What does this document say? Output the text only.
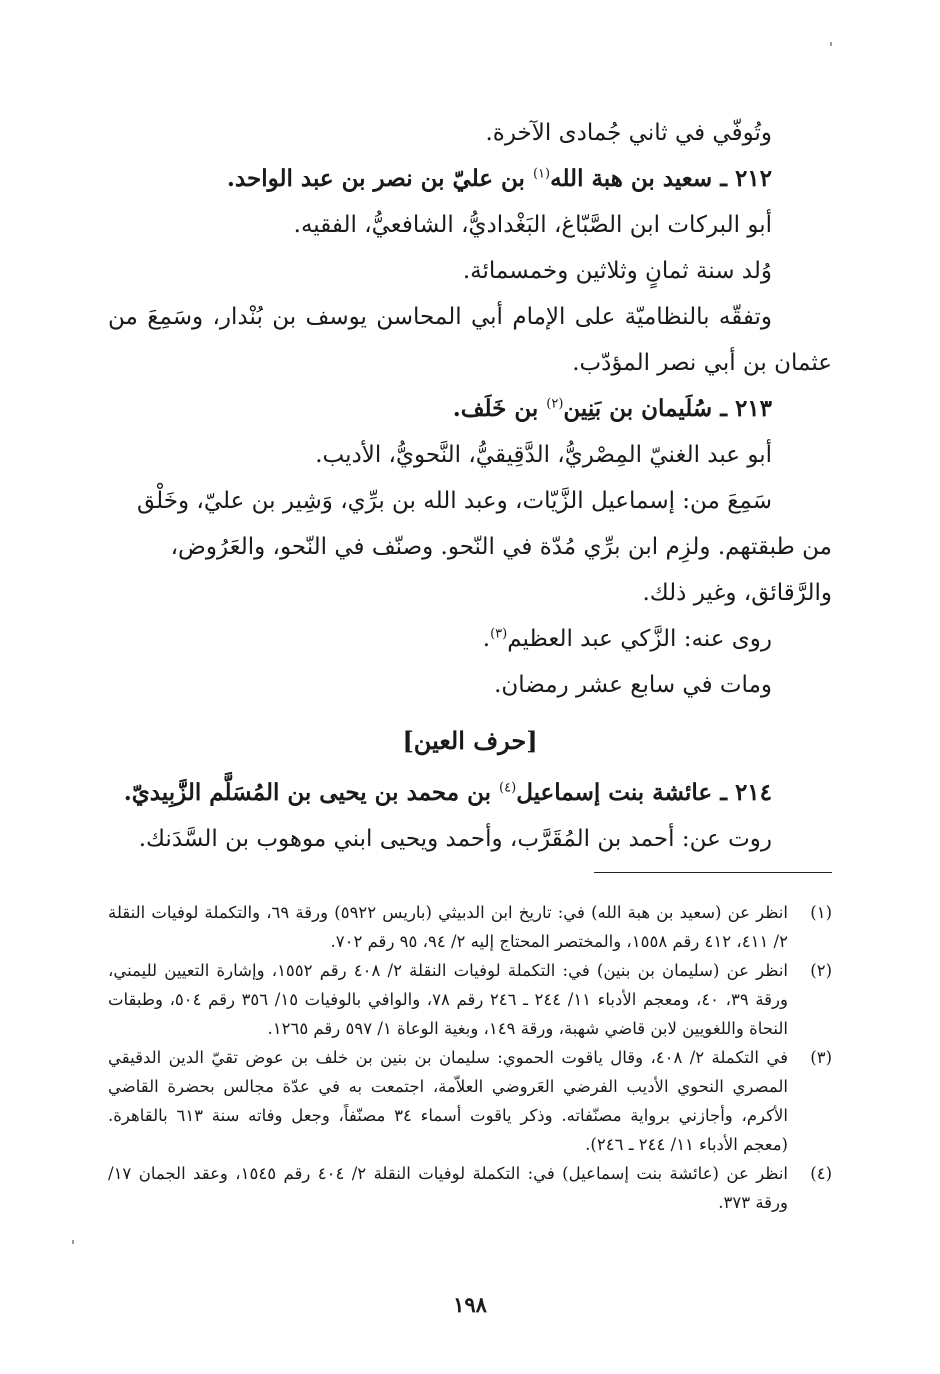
وتُوفّي في ثاني جُمادى الآخرة.

٢١٢ ـ سعيد بن هبة الله$^{(١)}$ بن عليّ بن نصر بن عبد الواحد.

أبو البركات ابن الصَّبّاغ، البَغْداديُّ، الشافعيُّ، الفقيه.

وُلد سنة ثمانٍ وثلاثين وخمسمائة.

وتفقّه بالنظاميّة على الإمام أبي المحاسن يوسف بن بُنْدار، وسَمِعَ من

عثمان بن أبي نصر المؤدّب.

٢١٣ ـ سُلَيمان بن بَنِين$^{(٢)}$ بن خَلَف.

أبو عبد الغنيّ المِصْريُّ، الدَّقِيقيُّ، النَّحويُّ، الأديب.

سَمِعَ من: إسماعيل الزَّيّات، وعبد الله بن برِّي، وَشِير بن عليّ، وخَلْق

من طبقتهم. ولزِم ابن برِّي مُدّة في النّحو. وصنّف في النّحو، والعَرُوض،

والرَّقائق، وغير ذلك.

روى عنه: الزَّكي عبد العظيم$^{(٣)}$.

ومات في سابع عشر رمضان.

[حرف العين]

٢١٤ ـ عائشة بنت إسماعيل$^{(٤)}$ بن محمد بن يحيى بن المُسَلَّم الزَّبِيديّ.

روت عن: أحمد بن المُقَرَّب، وأحمد ويحيى ابني موهوب بن السَّدَنك.

(١)
انظر عن (سعيد بن هبة الله) في: تاريخ ابن الدبيثي (باريس ٥٩٢٢) ورقة ٦٩، والتكملة لوفيات النقلة ٢/ ٤١١، ٤١٢ رقم ١٥٥٨، والمختصر المحتاج إليه ٢/ ٩٤، ٩٥ رقم ٧٠٢.
(٢)
انظر عن (سليمان بن بنين) في: التكملة لوفيات النقلة ٢/ ٤٠٨ رقم ١٥٥٢، وإشارة التعيين لليمني، ورقة ٣٩، ٤٠، ومعجم الأدباء ١١/ ٢٤٤ ـ ٢٤٦ رقم ٧٨، والوافي بالوفيات ١٥/ ٣٥٦ رقم ٥٠٤، وطبقات النحاة واللغويين لابن قاضي شهبة، ورقة ١٤٩، وبغية الوعاة ١/ ٥٩٧ رقم ١٢٦٥.
(٣)
في التكملة ٢/ ٤٠٨، وقال ياقوت الحموي: سليمان بن بنين بن خلف بن عوض تقيّ الدين الدقيقي المصري النحوي الأديب الفرضي العَروضي العلاّمة، اجتمعت به في عدّة مجالس بحضرة القاضي الأكرم، وأجازني برواية مصنّفاته. وذكر ياقوت أسماء ٣٤ مصنّفاً، وجعل وفاته سنة ٦١٣ بالقاهرة. (معجم الأدباء ١١/ ٢٤٤ ـ ٢٤٦).
(٤)
انظر عن (عائشة بنت إسماعيل) في: التكملة لوفيات النقلة ٢/ ٤٠٤ رقم ١٥٤٥، وعقد الجمان ١٧/ ورقة ٣٧٣.
١٩٨
